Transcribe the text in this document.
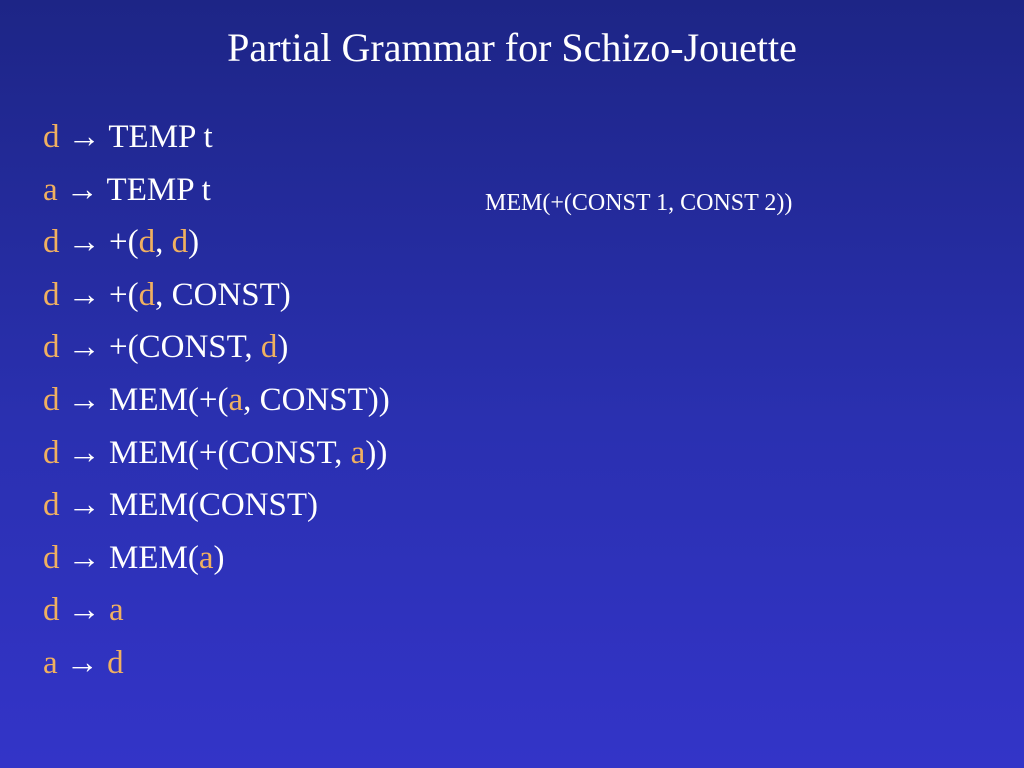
Partial Grammar for Schizo-Jouette
d → TEMP t
a → TEMP t
d → +(d, d)
d → +(d, CONST)
d → +(CONST, d)
d → MEM(+(a, CONST))
d → MEM(+(CONST, a))
d → MEM(CONST)
d → MEM(a)
d → a
a → d
MEM(+(CONST 1, CONST 2))
